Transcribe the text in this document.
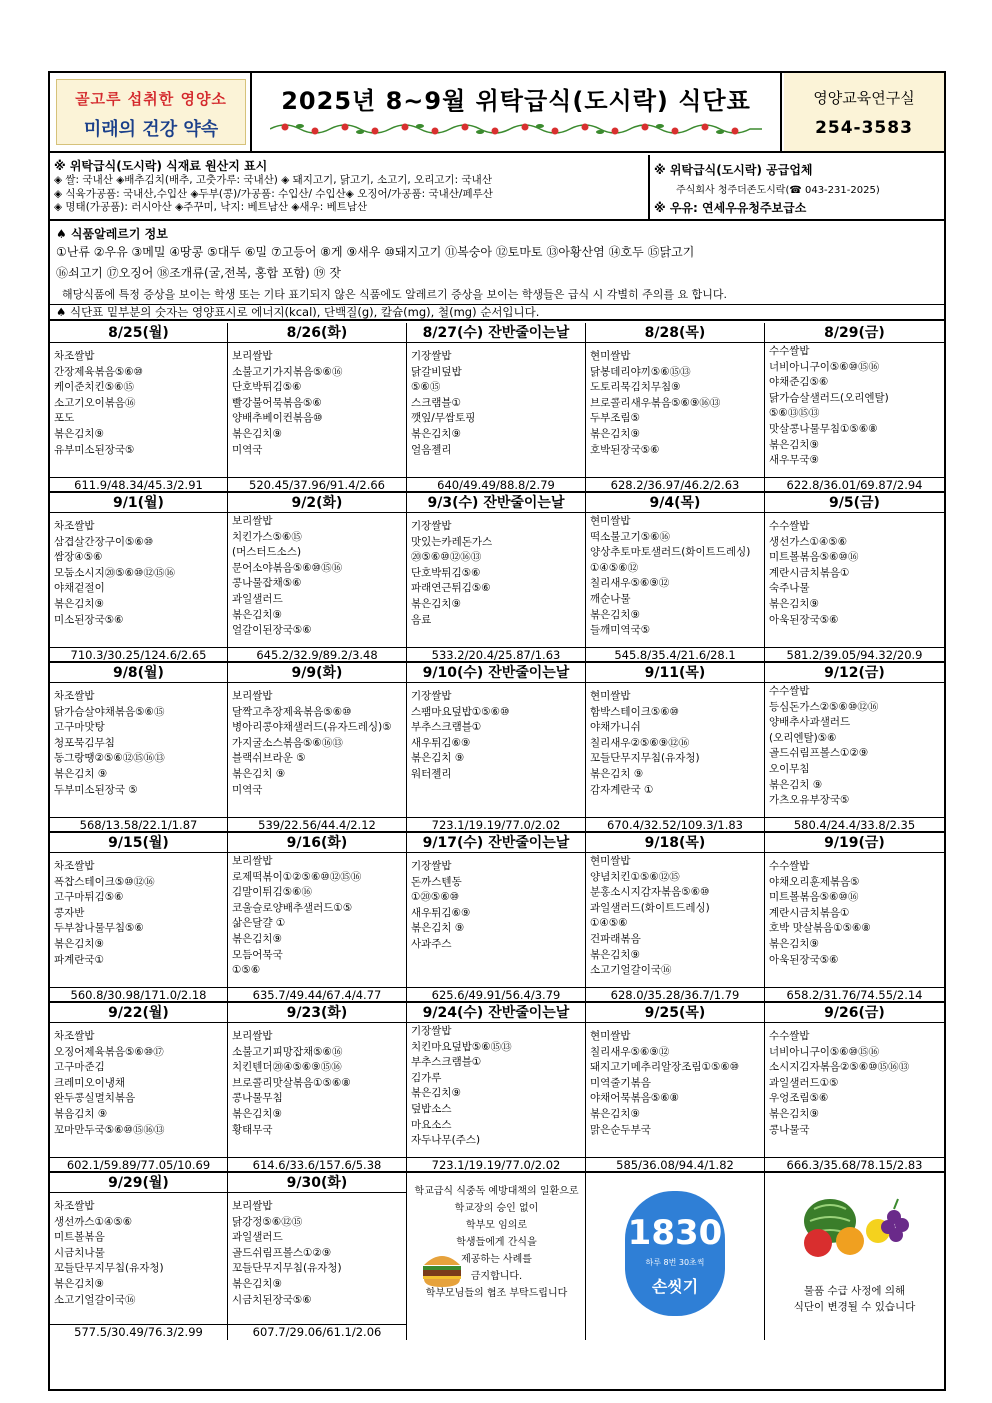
골고루 섭취한 영양소
미래의 건강 약속
2025년 8~9월 위탁급식(도시락) 식단표	영양교육연구실
254-3583
※ 위탁급식(도시락) 식재료 원산지 표시
◈ 쌀: 국내산 ◈배추김치(배추, 고춧가루: 국내산) ◈ 돼지고기, 닭고기, 소고기, 오리고기: 국내산
◈ 식육가공품: 국내산,수입산 ◈두부(콩)/가공품: 수입산/ 수입산◈ 오징어/가공품: 국내산/페루산
◈ 명태(가공품): 러시아산 ◈주꾸미, 낙지: 베트남산 ◈새우: 베트남산
※ 위탁급식(도시락) 공급업체
주식회사 청주더존도시락(☎ 043-231-2025)
※ 우유: 연세우유청주보급소
♠ 식품알레르기 정보
①난류 ②우유 ③메밀 ④땅콩 ⑤대두 ⑥밀 ⑦고등어 ⑧게 ⑨새우 ⑩돼지고기 ⑪복숭아 ⑫토마토 ⑬아황산염 ⑭호두 ⑮닭고기
⑯쇠고기 ⑰오징어 ⑱조개류(굴,전복, 홍합 포함) ⑲ 잣
해당식품에 특정 증상을 보이는 학생 또는 기타 표기되지 않은 식품에도 알레르기 증상을 보이는 학생들은 급식 시 각별히 주의를 요 합니다.
♠ 식단표 밑부분의 숫자는 영양표시로 에너지(kcal), 단백질(g), 칼슘(mg), 철(mg) 순서입니다.
8/25(월)
차조쌀밥
간장제육볶음⑤⑥⑩
케이준치킨⑤⑥⑮
소고기오이볶음⑯
포도
볶은김치⑨
유부미소된장국⑤
611.9/48.34/45.3/2.91
8/26(화)
보리쌀밥
소불고기가지볶음⑤⑥⑯
단호박튀김⑤⑥
빨강불어묵볶음⑤⑥
양배추베이컨볶음⑩
볶은김치⑨
미역국
520.45/37.96/91.4/2.66
8/27(수) 잔반줄이는날
기장쌀밥
닭갈비덮밥
⑤⑥⑮
스크램블①
깻잎/무쌈토핑
볶은김치⑨
얼음젤리
640/49.49/88.8/2.79
8/28(목)
현미쌀밥
닭봉데리야끼⑤⑥⑮⑬
도토리묵김치무침⑨
브로콜리새우볶음⑤⑥⑨⑯⑬
두부조림⑤
볶은김치⑨
호박된장국⑤⑥
628.2/36.97/46.2/2.63
8/29(금)
수수쌀밥
너비아니구이⑤⑥⑩⑮⑯
야채준김⑤⑥
닭가슴살샐러드(오리엔탈)
⑤⑥⑬⑮⑬
맛살콩나물무침①⑤⑥⑧
볶은김치⑨
새우무국⑨
622.8/36.01/69.87/2.94
9/1(월)
차조쌀밥
삼겹살간장구이⑤⑥⑩
쌈장④⑤⑥
모둠소시지⑳⑤⑥⑩⑫⑮⑯
야채겉절이
볶은김치⑨
미소된장국⑤⑥
710.3/30.25/124.6/2.65
9/2(화)
보리쌀밥
치킨가스⑤⑥⑮
(머스터드소스)
문어소야볶음⑤⑥⑩⑮⑯
콩나물잡채⑤⑥
과일샐러드
볶은김치⑨
얼갈이된장국⑤⑥
645.2/32.9/89.2/3.48
9/3(수) 잔반줄이는날
기장쌀밥
맛있는카레돈가스
⑳⑤⑥⑩⑫⑯⑬
단호박튀김⑤⑥
파래연근튀김⑤⑥
볶은김치⑨
음료
533.2/20.4/25.87/1.63
9/4(목)
현미쌀밥
떡소불고기⑤⑥⑯
양상추토마토샐러드(화이트드레싱)
①④⑤⑥⑫
칠리새우⑤⑥⑨⑫
깨순나물
볶은김치⑨
들깨미역국⑤
545.8/35.4/21.6/28.1
9/5(금)
수수쌀밥
생선가스①④⑤⑥
미트볼볶음⑤⑥⑩⑯
계란시금치볶음①
숙주나물
볶은김치⑨
아욱된장국⑤⑥
581.2/39.05/94.32/20.9
9/8(월)
차조쌀밥
닭가슴살야채볶음⑤⑥⑮
고구마맛탕
청포묵김무침
동그랑땡②⑤⑥⑫⑮⑯⑬
볶은김치 ⑨
두부미소된장국 ⑤
568/13.58/22.1/1.87
9/9(화)
보리쌀밥
달짝고추장제육볶음⑤⑥⑩
병아리콩야채샐러드(유자드레싱)⑤
가지굴소스볶음⑤⑥⑯⑬
블랙쉬브라운 ⑤
볶은김치 ⑨
미역국
539/22.56/44.4/2.12
9/10(수) 잔반줄이는날
기장쌀밥
스팸마요덮밥①⑤⑥⑩
부추스크램블①
새우튀김⑥⑨
볶은김치 ⑨
워터젤리
723.1/19.19/77.0/2.02
9/11(목)
현미쌀밥
함박스테이크⑤⑥⑩
야채가니쉬
칠리새우②⑤⑥⑨⑫⑯
꼬들단무지무침(유자청)
볶은김치 ⑨
감자계란국 ①
670.4/32.52/109.3/1.83
9/12(금)
수수쌀밥
등심돈가스②⑤⑥⑩⑫⑯
양배추사과샐러드
(오리엔탈)⑤⑥
골드쉬림프볼스①②⑨
오이무침
볶은김치 ⑨
가츠오유부장국⑤
580.4/24.4/33.8/2.35
9/15(월)
차조쌀밥
폭찹스테이크⑤⑩⑫⑯
고구마튀김⑤⑥
콩자반
두부참나물무침⑤⑥
볶은김치⑨
파계란국①
560.8/30.98/171.0/2.18
9/16(화)
보리쌀밥
로제떡볶이①②⑤⑥⑩⑫⑮⑯
김말이튀김⑤⑥⑯
코울슬로양배추샐러드①⑤
삶은달걀 ①
볶은김치⑨
모듬어묵국
①⑤⑥
635.7/49.44/67.4/4.77
9/17(수) 잔반줄이는날
기장쌀밥
돈까스텐동
①⑳⑤⑥⑩
새우튀김⑥⑨
볶은김치 ⑨
사과주스
625.6/49.91/56.4/3.79
9/18(목)
현미쌀밥
양념치킨①⑤⑥⑫⑮
분홍소시지감자볶음⑤⑥⑩
과일샐러드(화이트드레싱)
①④⑤⑥
건파래볶음
볶은김치⑨
소고기얼갈이국⑯
628.0/35.28/36.7/1.79
9/19(금)
수수쌀밥
야채오리훈제볶음⑤
미트볼볶음⑤⑥⑩⑯
계란시금치볶음①
호박 맛살볶음①⑤⑥⑧
볶은김치⑨
아욱된장국⑤⑥
658.2/31.76/74.55/2.14
9/22(월)
차조쌀밥
오징어제육볶음⑤⑥⑩⑰
고구마준김
크레미오이냉채
완두콩실멸치볶음
볶음김치 ⑨
꼬마만두국⑤⑥⑩⑮⑯⑬
602.1/59.89/77.05/10.69
9/23(화)
보리쌀밥
소불고기피망잡채⑤⑥⑯
치킨텐더⑳④⑤⑥⑨⑮⑯
브로콜리맛살볶음①⑤⑥⑧
콩나물무침
볶은김치⑨
황태무국
614.6/33.6/157.6/5.38
9/24(수) 잔반줄이는날
기장쌀밥
치킨마요덮밥⑤⑥⑮⑬
부추스크램블①
김가루
볶은김치⑨
덮밥소스
마요소스
자두나무(주스)
723.1/19.19/77.0/2.02
9/25(목)
현미쌀밥
칠리새우⑤⑥⑨⑫
돼지고기메추리알장조림①⑤⑥⑩
미역줄기볶음
야채어묵볶음⑤⑥⑧
볶은김치⑨
맑은순두부국
585/36.08/94.4/1.82
9/26(금)
수수쌀밥
너비아니구이⑤⑥⑩⑮⑯
소시지김자볶음②⑤⑥⑩⑮⑯⑬
과일샐러드①⑤
우엉조림⑤⑥
볶은김치⑨
콩나물국
666.3/35.68/78.15/2.83
9/29(월)
차조쌀밥
생선까스①④⑤⑥
미트볼볶음
시금치나물
꼬들단무지무침(유자청)
볶은김치⑨
소고기얼갈이국⑯
577.5/30.49/76.3/2.99
9/30(화)
보리쌀밥
닭강정⑤⑥⑫⑮
과일샐러드
골드쉬림프볼스①②⑨
꼬들단무지무침(유자청)
볶은김치⑨
시금치된장국⑤⑥
607.7/29.06/61.1/2.06
학교급식 식중독 예방대책의 일환으로
학교장의 승인 없이
학부모 임의로
학생들에게 간식을
제공하는 사례를
금지합니다.
학부모님들의 협조 부탁드립니다
1830
하루 8번 30초씩
손씻기	물품 수급 사정에 의해
식단이 변경될 수 있습니다
